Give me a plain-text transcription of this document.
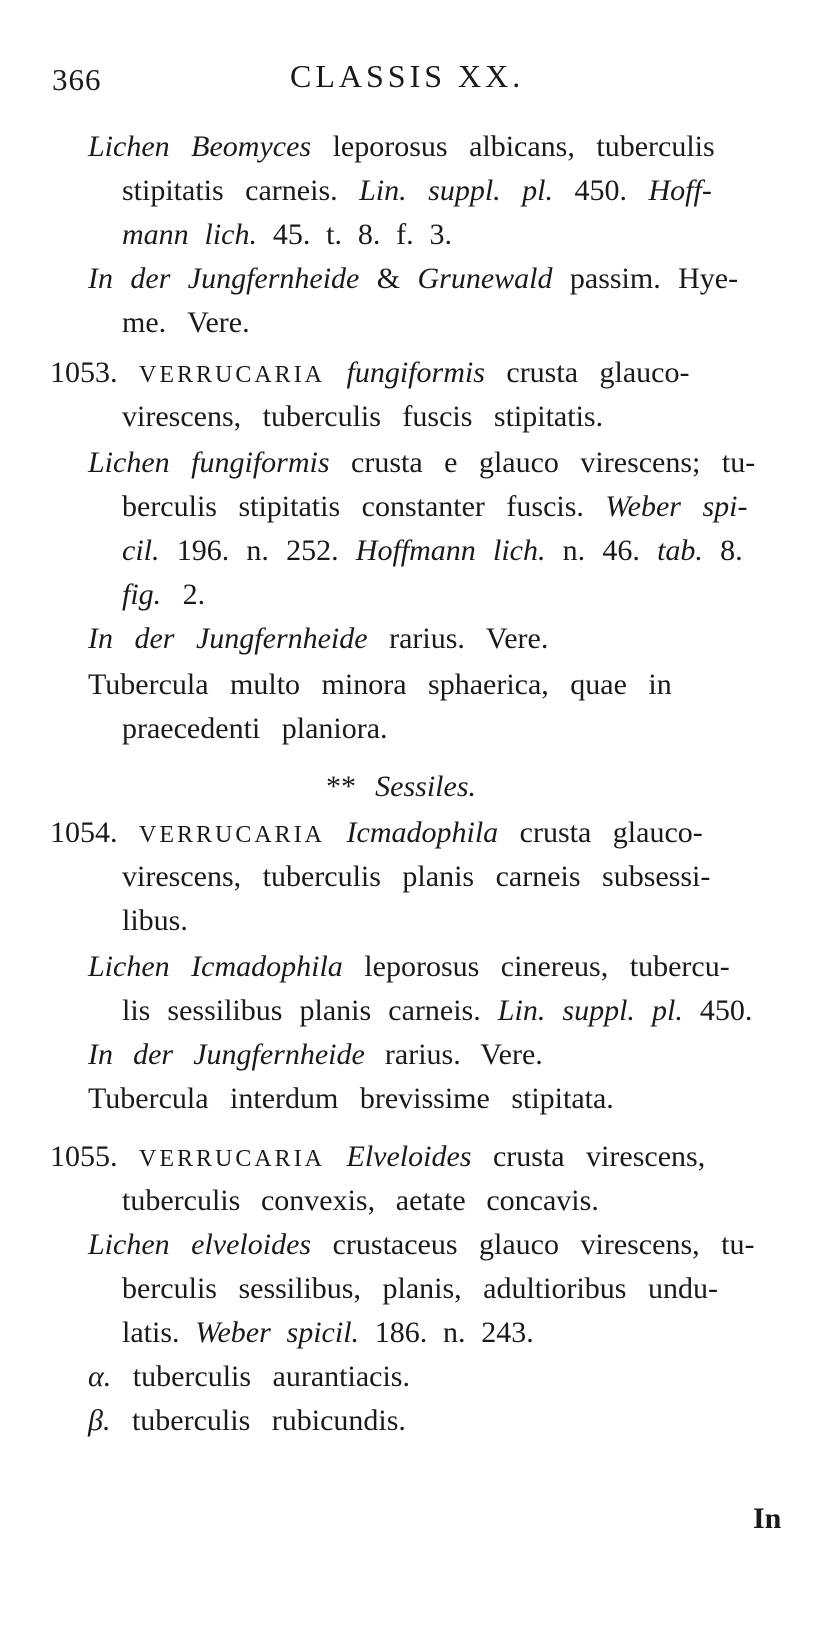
366	CLASSIS XX.
Lichen Beomyces leporosus albicans, tuberculis
stipitatis carneis. Lin. suppl. pl. 450. Hoff-
mann lich. 45. t. 8. f. 3.
In der Jungfernheide & Grunewald passim. Hye-
me. Vere.
1053. VERRUCARIA fungiformis crusta glauco-
virescens, tuberculis fuscis stipitatis.
Lichen fungiformis crusta e glauco virescens; tu-
berculis stipitatis constanter fuscis. Weber spi-
cil. 196. n. 252. Hoffmann lich. n. 46. tab. 8.
fig. 2.
In der Jungfernheide rarius. Vere.
Tubercula multo minora sphaerica, quae in
praecedenti planiora.
** Sessiles.
1054. VERRUCARIA Icmadophila crusta glauco-
virescens, tuberculis planis carneis subsessi-
libus.
Lichen Icmadophila leporosus cinereus, tubercu-
lis sessilibus planis carneis. Lin. suppl. pl. 450.
In der Jungfernheide rarius. Vere.
Tubercula interdum brevissime stipitata.
1055. VERRUCARIA Elveloides crusta virescens,
tuberculis convexis, aetate concavis.
Lichen elveloides crustaceus glauco virescens, tu-
berculis sessilibus, planis, adultioribus undu-
latis. Weber spicil. 186. n. 243.
α. tuberculis aurantiacis.
β. tuberculis rubicundis.
In
